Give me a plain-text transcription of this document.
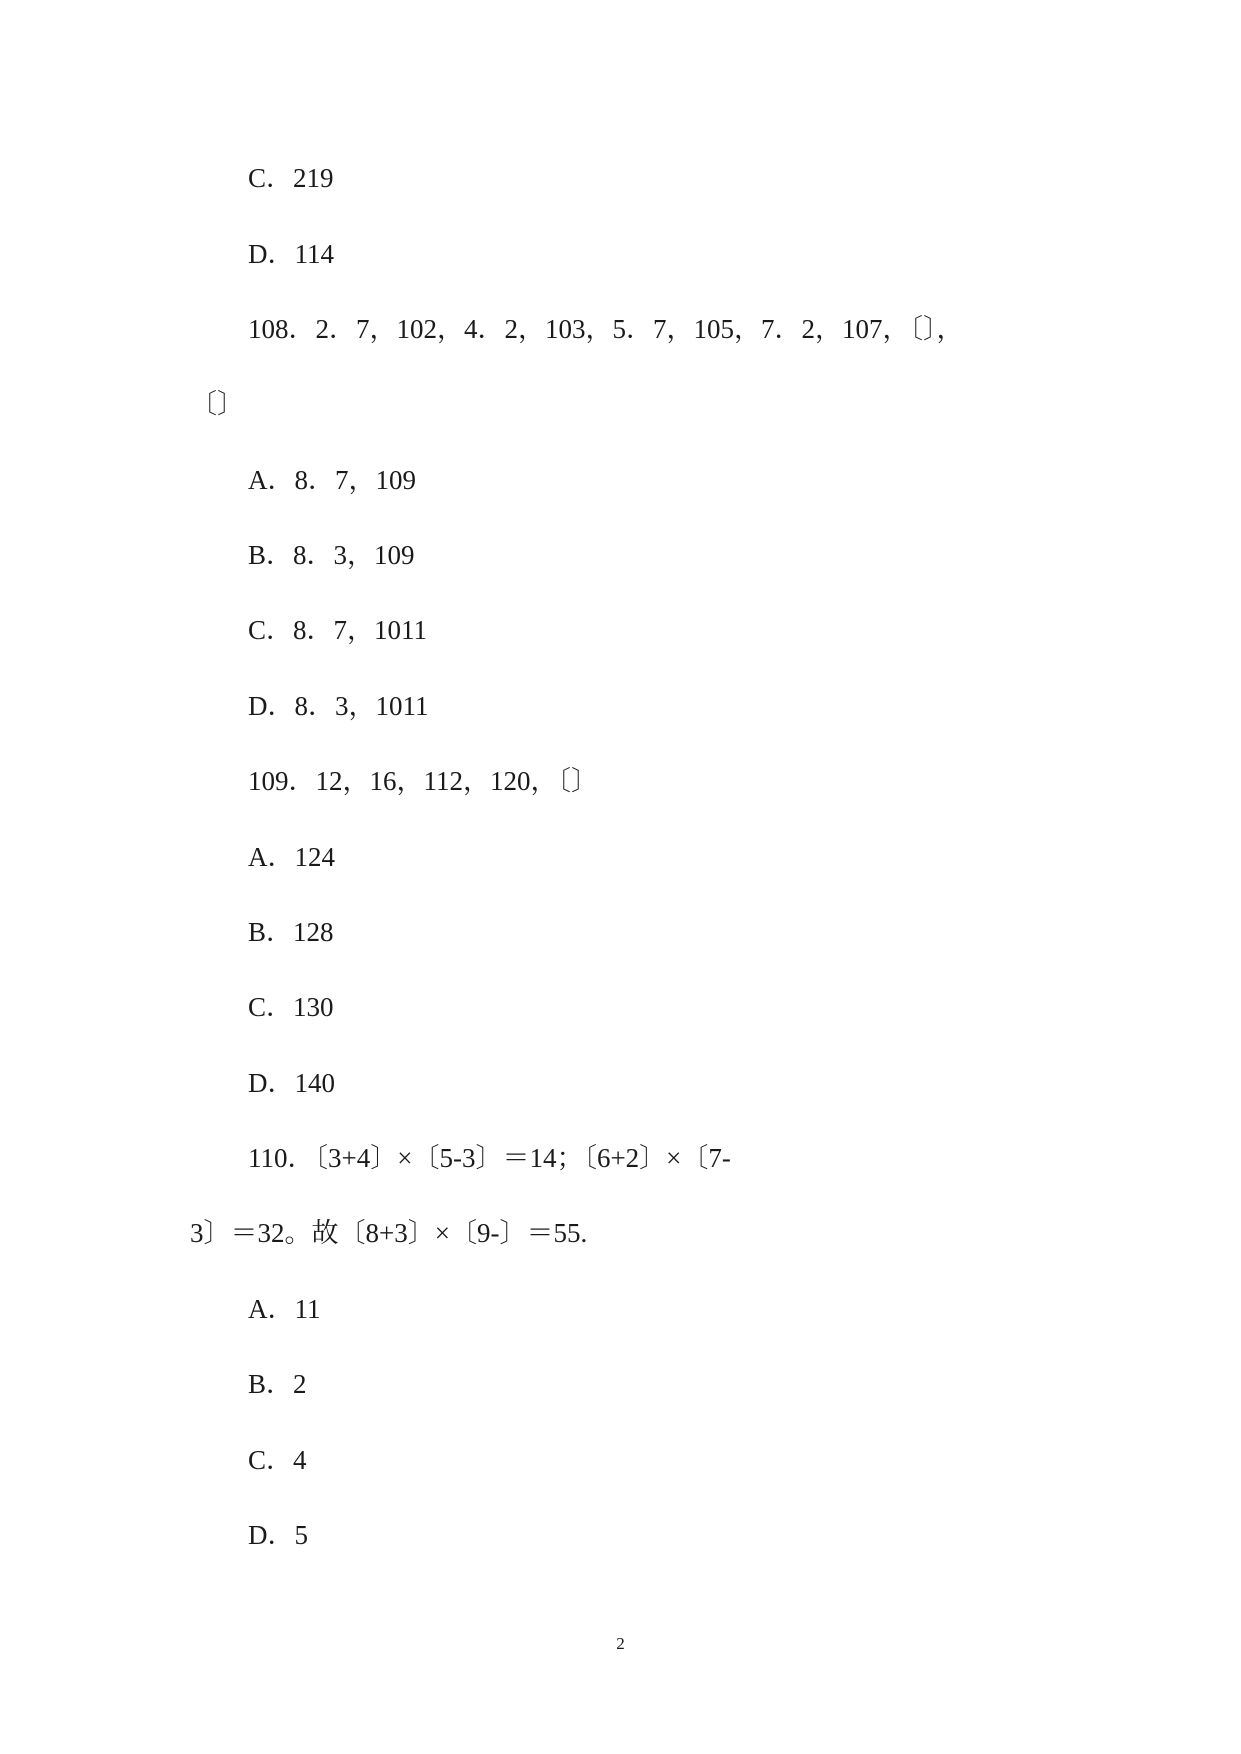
C．219
D．114
108．2．7，102，4．2，103，5．7，105，7．2，107，〔〕，
〔〕
A．8．7，109
B．8．3，109
C．8．7，1011
D．8．3，1011
109．12，16，112，120，〔〕
A．124
B．128
C．130
D．140
110．〔3+4〕×〔5-3〕＝14；〔6+2〕×〔7-
3〕＝32。故〔8+3〕×〔9-〕＝55.
A．11
B．2
C．4
D．5
2
